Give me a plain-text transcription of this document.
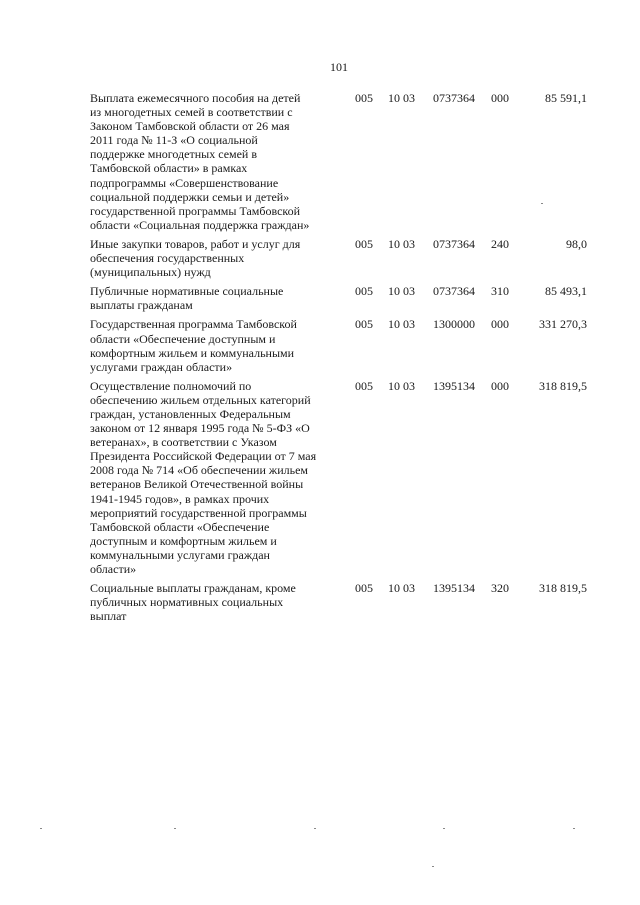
101
Выплата ежемесячного пособия на детей
из многодетных семей в соответствии с
Законом Тамбовской области от 26 мая
2011 года № 11-З «О социальной
поддержке многодетных семей в
Тамбовской области» в рамках
подпрограммы «Совершенствование
социальной поддержки семьи и детей»
государственной программы Тамбовской
области «Социальная поддержка граждан»
005 10 03 0737364 000	85 591,1
Иные закупки товаров, работ и услуг для
обеспечения государственных
(муниципальных) нужд
005 10 03 0737364 240	98,0
Публичные нормативные социальные
выплаты гражданам
005 10 03 0737364 310	85 493,1
Государственная программа Тамбовской
области «Обеспечение доступным и
комфортным жильем и коммунальными
услугами граждан области»
005 10 03 1300000 000	331 270,3
Осуществление полномочий по
обеспечению жильем отдельных категорий
граждан, установленных Федеральным
законом от 12 января 1995 года № 5-ФЗ «О
ветеранах», в соответствии с Указом
Президента Российской Федерации от 7 мая
2008 года № 714 «Об обеспечении жильем
ветеранов Великой Отечественной войны
1941-1945 годов», в рамках прочих
мероприятий государственной программы
Тамбовской области «Обеспечение
доступным и комфортным жильем и
коммунальными услугами граждан
области»
005 10 03 1395134 000	318 819,5
Социальные выплаты гражданам, кроме
публичных нормативных социальных
выплат
005 10 03 1395134 320	318 819,5
